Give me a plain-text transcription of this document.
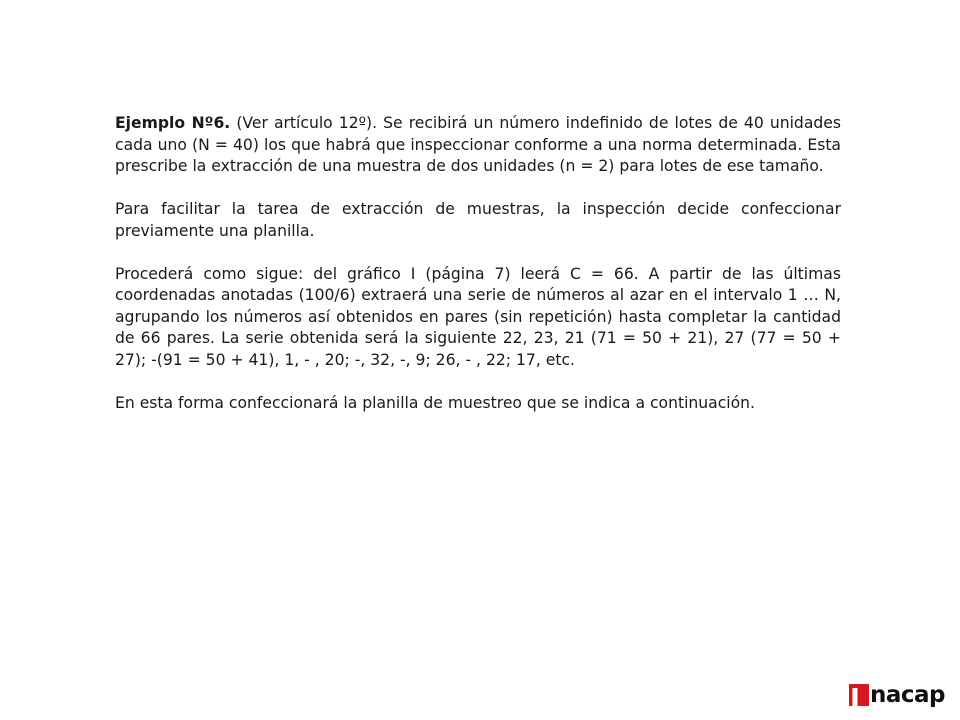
Ejemplo Nº6. (Ver artículo 12º). Se recibirá un número indefinido de lotes de 40 unidades cada uno (N = 40) los que habrá que inspeccionar conforme a una norma determinada. Esta prescribe la extracción de una muestra de dos unidades (n = 2) para lotes de ese tamaño.

Para facilitar la tarea de extracción de muestras, la inspección decide confeccionar previamente una planilla.

Procederá como sigue: del gráfico I (página 7) leerá C = 66. A partir de las últimas coordenadas anotadas (100/6) extraerá una serie de números al azar en el intervalo 1 … N, agrupando los números así obtenidos en pares (sin repetición) hasta completar la cantidad de 66 pares. La serie obtenida será la siguiente 22, 23, 21 (71 = 50 + 21), 27 (77 = 50 + 27); -(91 = 50 + 41), 1, - , 20; -, 32, -, 9; 26, - , 22; 17, etc.

En esta forma confeccionará la planilla de muestreo que se indica a continuación.

nacap
